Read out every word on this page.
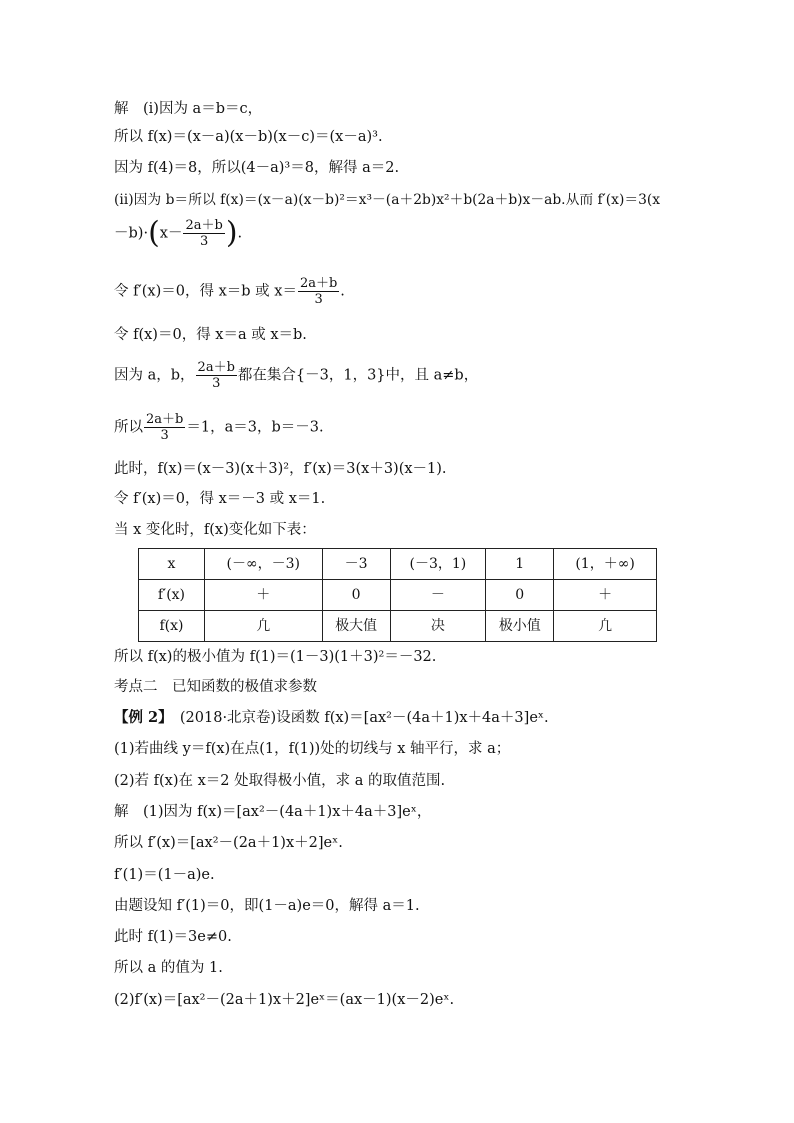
解　(ⅰ)因为 a＝b＝c，
所以 f(x)＝(x－a)(x－b)(x－c)＝(x－a)³.
因为 f(4)＝8，所以(4－a)³＝8，解得 a＝2.
(ⅱ)因为 b＝所以 f(x)＝(x－a)(x－b)²＝x³－(a＋2b)x²＋b(2a＋b)x－ab.从而 f′(x)＝3(x
$-b)\cdot(x- \frac{2a+b}{3}$ ).
令 f′(x)＝0，得 x＝b 或 $x= \frac{2a+b}{3}$ .
令 f(x)＝0，得 x＝a 或 x＝b.
因为 a，b， $\frac{2a+b}{3}$ 都在集合{－3，1，3}中，且 a≠b，
所以 $\frac{2a+b}{3} =1$，a＝3，b＝－3.
此时，f(x)＝(x－3)(x＋3)²，f′(x)＝3(x＋3)(x－1).
令 f′(x)＝0，得 x＝－3 或 x＝1.
当 x 变化时，f(x)变化如下表：
x	(－∞，－3)	－3	(－3，1)	1	(1，＋∞)
f′(x)	＋	0	－	0	＋
f(x)	凢	极大值	决	极小值	凢
所以 f(x)的极小值为 f(1)＝(1－3)(1＋3)²＝－32.
考点二　已知函数的极值求参数
【例 2】　(2018·北京卷)设函数 f(x)＝[ax²－(4a＋1)x＋4a＋3]eˣ.
(1)若曲线 y＝f(x)在点(1，f(1))处的切线与 x 轴平行，求 a；
(2)若 f(x)在 x＝2 处取得极小值，求 a 的取值范围.
解　(1)因为 f(x)＝[ax²－(4a＋1)x＋4a＋3]eˣ，
所以 f′(x)＝[ax²－(2a＋1)x＋2]eˣ.
f′(1)＝(1－a)e.
由题设知 f′(1)＝0，即(1－a)e＝0，解得 a＝1.
此时 f(1)＝3e≠0.
所以 a 的值为 1.
(2)f′(x)＝[ax²－(2a＋1)x＋2]eˣ＝(ax－1)(x－2)eˣ.
